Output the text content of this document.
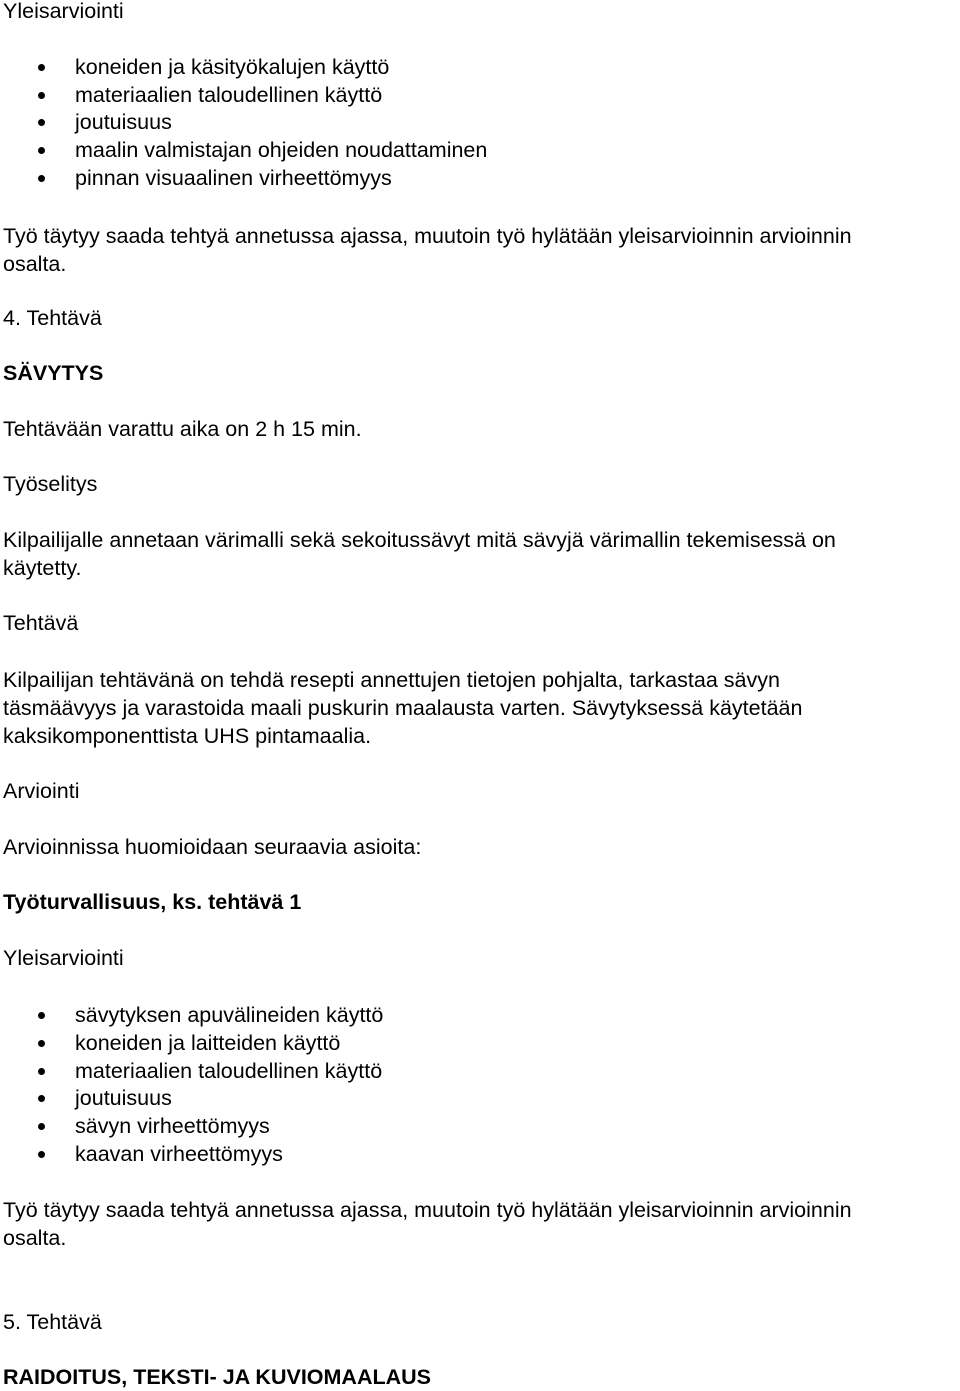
Yleisarviointi
koneiden ja käsityökalujen käyttö
materiaalien taloudellinen käyttö
joutuisuus
maalin valmistajan ohjeiden noudattaminen
pinnan visuaalinen virheettömyys
Työ täytyy saada tehtyä annetussa ajassa, muutoin työ hylätään yleisarvioinnin arvioinnin
osalta.
4. Tehtävä
SÄVYTYS
Tehtävään varattu aika on 2 h 15 min.
Työselitys
Kilpailijalle annetaan värimalli sekä sekoitussävyt mitä sävyjä värimallin tekemisessä on
käytetty.
Tehtävä
Kilpailijan tehtävänä on tehdä resepti annettujen tietojen pohjalta, tarkastaa sävyn
täsmäävyys ja varastoida maali puskurin maalausta varten. Sävytyksessä käytetään
kaksikomponenttista UHS pintamaalia.
Arviointi
Arvioinnissa huomioidaan seuraavia asioita:
Työturvallisuus, ks. tehtävä 1
Yleisarviointi
sävytyksen apuvälineiden käyttö
koneiden ja laitteiden käyttö
materiaalien taloudellinen käyttö
joutuisuus
sävyn virheettömyys
kaavan virheettömyys
Työ täytyy saada tehtyä annetussa ajassa, muutoin työ hylätään yleisarvioinnin arvioinnin
osalta.
5. Tehtävä
RAIDOITUS, TEKSTI- JA KUVIOMAALAUS
